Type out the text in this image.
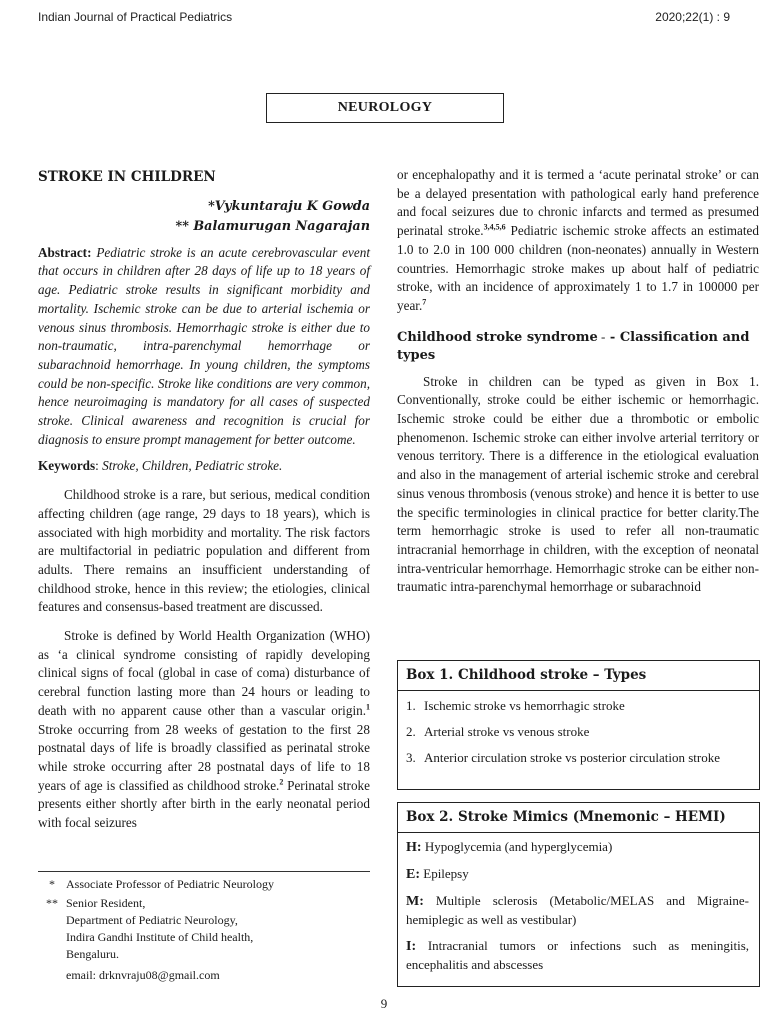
Indian Journal of Practical Pediatrics	2020;22(1) : 9
NEUROLOGY
STROKE IN CHILDREN
*Vykuntaraju K Gowda
** Balamurugan Nagarajan
Abstract: Pediatric stroke is an acute cerebrovascular event that occurs in children after 28 days of life up to 18 years of age. Pediatric stroke results in significant morbidity and mortality. Ischemic stroke can be due to arterial ischemia or venous sinus thrombosis. Hemorrhagic stroke is either due to non-traumatic, intra-parenchymal hemorrhage or subarachnoid hemorrhage. In young children, the symptoms could be non-specific. Stroke like conditions are very common, hence neuroimaging is mandatory for all cases of suspected stroke. Clinical awareness and recognition is crucial for diagnosis to ensure prompt management for better outcome.
Keywords: Stroke, Children, Pediatric stroke.

Childhood stroke is a rare, but serious, medical condition affecting children (age range, 29 days to 18 years), which is associated with high morbidity and mortality. The risk factors are multifactorial in pediatric population and different from adults. There remains an insufficient understanding of childhood stroke, hence in this review; the etiologies, clinical features and consensus-based treatment are discussed.

Stroke is defined by World Health Organization (WHO) as ‘a clinical syndrome consisting of rapidly developing clinical signs of focal (global in case of coma) disturbance of cerebral function lasting more than 24 hours or leading to death with no apparent cause other than a vascular origin.$^1$ Stroke occurring from 28 weeks of gestation to the first 28 postnatal days of life is broadly classified as perinatal stroke while stroke occurring after 28 postnatal days of life to 18 years of age is classified as childhood stroke.$^2$ Perinatal stroke presents either shortly after birth in the early neonatal period with focal seizures

* Associate Professor of Pediatric Neurology
** Senior Resident,
Department of Pediatric Neurology,
Indira Gandhi Institute of Child health,
Bengaluru.
email: drknvraju08@gmail.com

or encephalopathy and it is termed a ‘acute perinatal stroke’ or can be a delayed presentation with pathological early hand preference and focal seizures due to chronic infarcts and termed as presumed perinatal stroke.$^{3,4,5,6}$ Pediatric ischemic stroke affects an estimated 1.0 to 2.0 in 100 000 children (non-neonates) annually in Western countries. Hemorrhagic stroke makes up about half of pediatric stroke, with an incidence of approximately 1 to 1.7 in 100000 per year.$^7$

Childhood stroke syndrome - - Classification and types

Stroke in children can be typed as given in Box 1. Conventionally, stroke could be either ischemic or hemorrhagic. Ischemic stroke could be either due a thrombotic or embolic phenomenon. Ischemic stroke can either involve arterial territory or venous territory. There is a difference in the etiological evaluation and also in the management of arterial ischemic stroke and cerebral sinus venous thrombosis (venous stroke) and hence it is better to use the specific terminologies in clinical practice for better clarity.The term hemorrhagic stroke is used to refer all non-traumatic intracranial hemorrhage in children, with the exception of neonatal intra-ventricular hemorrhage. Hemorrhagic stroke can be either non-traumatic intra-parenchymal hemorrhage or subarachnoid

Box 1. Childhood stroke – Types
1. Ischemic stroke vs hemorrhagic stroke
2. Arterial stroke vs venous stroke
3. Anterior circulation stroke vs posterior circulation stroke
Box 2. Stroke Mimics (Mnemonic – HEMI)
H: Hypoglycemia (and hyperglycemia)
E: Epilepsy
M: Multiple sclerosis (Metabolic/MELAS and Migraine- hemiplegic as well as vestibular)
I: Intracranial tumors or infections such as meningitis, encephalitis and abscesses
9
